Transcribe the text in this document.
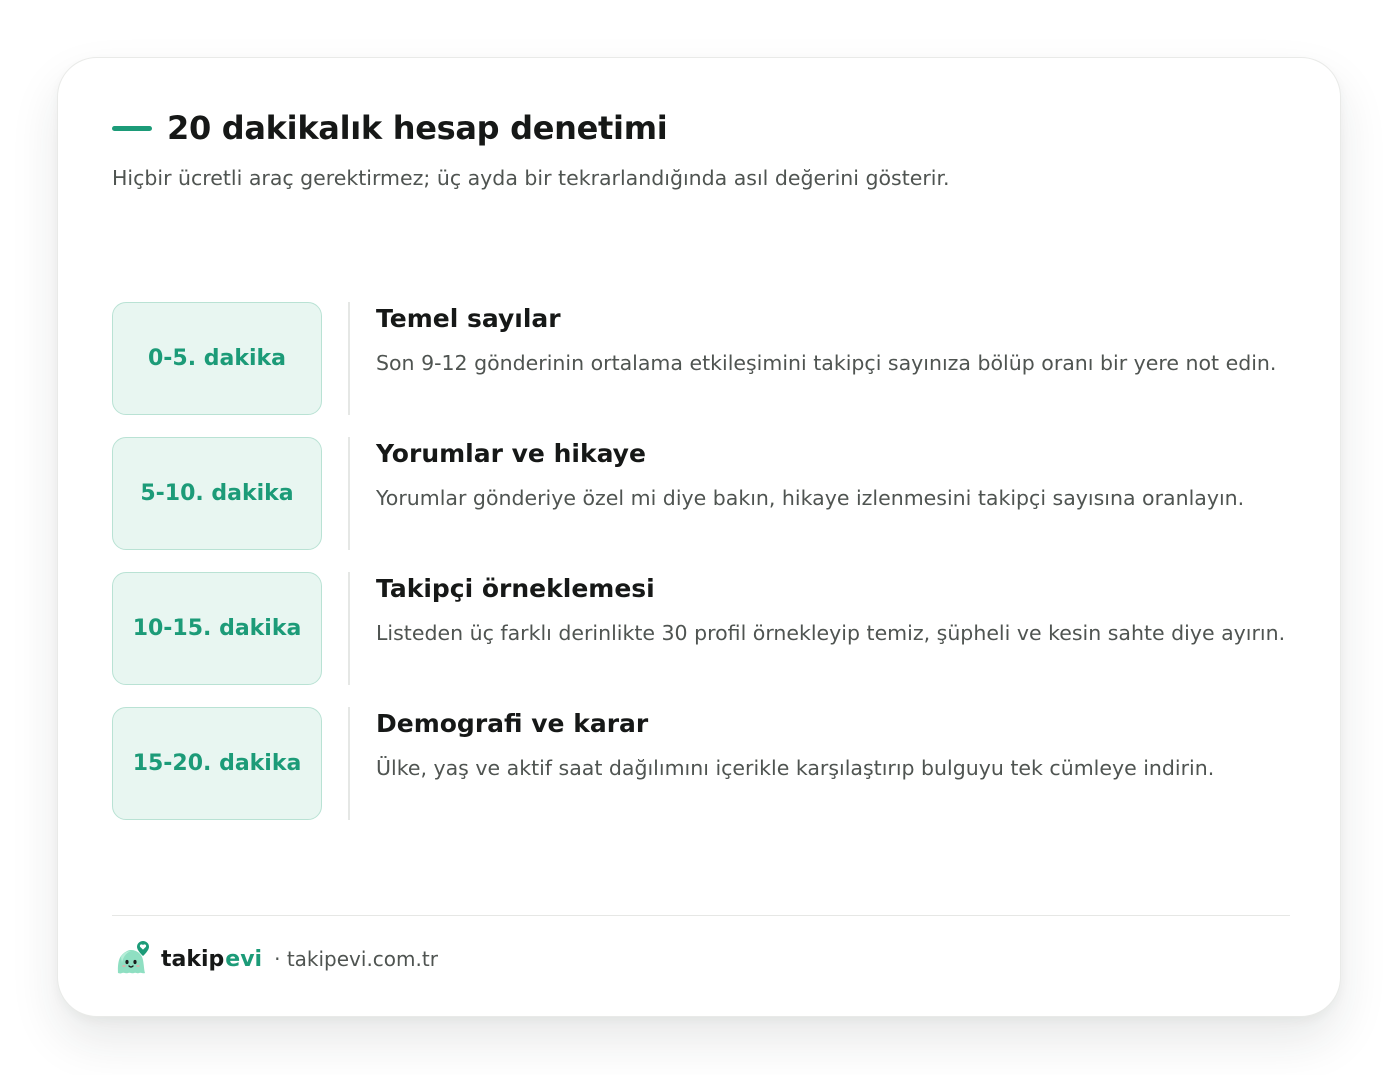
20 dakikalık hesap denetimi
Hiçbir ücretli araç gerektirmez; üç ayda bir tekrarlandığında asıl değerini gösterir.
0-5. dakika
Temel sayılar
Son 9-12 gönderinin ortalama etkileşimini takipçi sayınıza bölüp oranı bir yere not edin.
5-10. dakika
Yorumlar ve hikaye
Yorumlar gönderiye özel mi diye bakın, hikaye izlenmesini takipçi sayısına oranlayın.
10-15. dakika
Takipçi örneklemesi
Listeden üç farklı derinlikte 30 profil örnekleyip temiz, şüpheli ve kesin sahte diye ayırın.
15-20. dakika
Demografi ve karar
Ülke, yaş ve aktif saat dağılımını içerikle karşılaştırıp bulguyu tek cümleye indirin.
takipevi · takipevi.com.tr
